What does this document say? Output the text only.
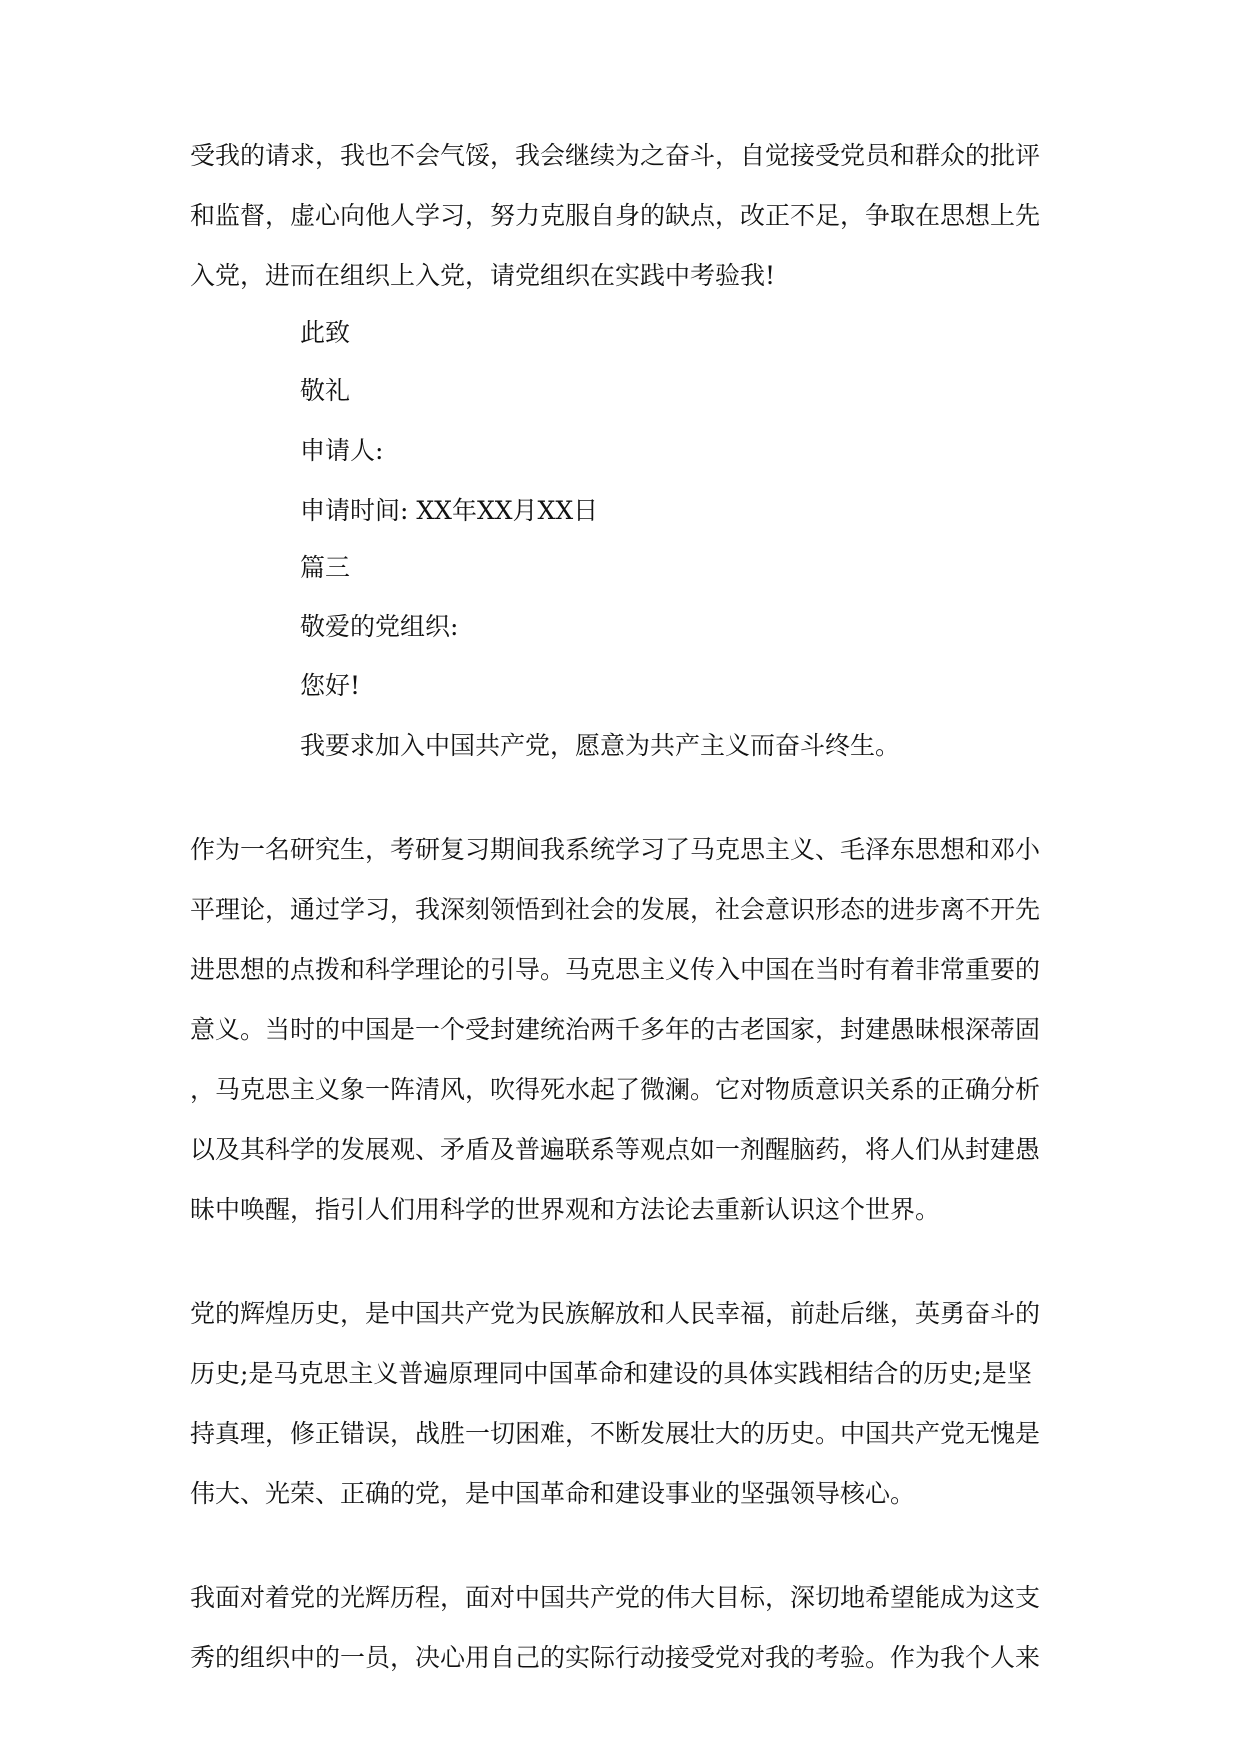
受我的请求，我也不会气馁，我会继续为之奋斗，自觉接受党员和群众的批评
和监督，虚心向他人学习，努力克服自身的缺点，改正不足，争取在思想上先
入党，进而在组织上入党，请党组织在实践中考验我!
此致
敬礼
申请人:
申请时间: XX年XX月XX日
篇三
敬爱的党组织:
您好!
我要求加入中国共产党，愿意为共产主义而奋斗终生。
作为一名研究生，考研复习期间我系统学习了马克思主义、毛泽东思想和邓小
平理论，通过学习，我深刻领悟到社会的发展，社会意识形态的进步离不开先
进思想的点拨和科学理论的引导。马克思主义传入中国在当时有着非常重要的
意义。当时的中国是一个受封建统治两千多年的古老国家，封建愚昧根深蒂固
，马克思主义象一阵清风，吹得死水起了微澜。它对物质意识关系的正确分析
以及其科学的发展观、矛盾及普遍联系等观点如一剂醒脑药，将人们从封建愚
昧中唤醒，指引人们用科学的世界观和方法论去重新认识这个世界。
党的辉煌历史，是中国共产党为民族解放和人民幸福，前赴后继，英勇奋斗的
历史;是马克思主义普遍原理同中国革命和建设的具体实践相结合的历史;是坚
持真理，修正错误，战胜一切困难，不断发展壮大的历史。中国共产党无愧是
伟大、光荣、正确的党，是中国革命和建设事业的坚强领导核心。
我面对着党的光辉历程，面对中国共产党的伟大目标，深切地希望能成为这支
秀的组织中的一员，决心用自己的实际行动接受党对我的考验。作为我个人来
